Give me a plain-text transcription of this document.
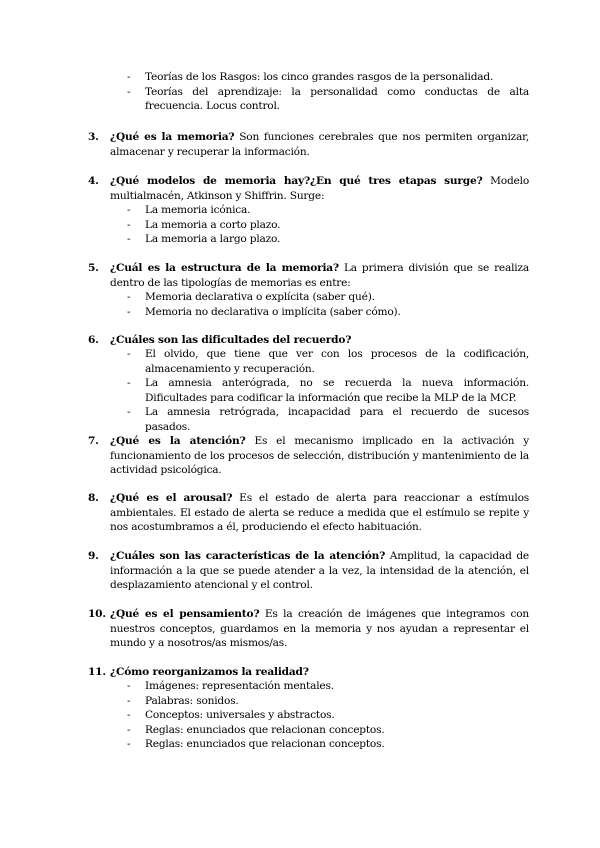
- Teorías de los Rasgos: los cinco grandes rasgos de la personalidad.
- Teorías del aprendizaje: la personalidad como conductas de alta frecuencia. Locus control.
3.	¿Qué es la memoria? Son funciones cerebrales que nos permiten organizar, almacenar y recuperar la información.

4.	¿Qué modelos de memoria hay?¿En qué tres etapas surge? Modelo multialmacén, Atkinson y Shiffrin. Surge:

- La memoria icónica.
- La memoria a corto plazo.
- La memoria a largo plazo.
5.	¿Cuál es la estructura de la memoria? La primera división que se realiza dentro de las tipologías de memorias es entre:

- Memoria declarativa o explícita (saber qué).
- Memoria no declarativa o implícita (saber cómo).
6.	¿Cuáles son las dificultades del recuerdo?

- El olvido, que tiene que ver con los procesos de la codificación, almacenamiento y recuperación.
- La amnesia anterógrada, no se recuerda la nueva información. Dificultades para codificar la información que recibe la MLP de la MCP.
- La amnesia retrógrada, incapacidad para el recuerdo de sucesos pasados.
7.	¿Qué es la atención? Es el mecanismo implicado en la activación y funcionamiento de los procesos de selección, distribución y mantenimiento de la actividad psicológica.

8.	¿Qué es el arousal? Es el estado de alerta para reaccionar a estímulos ambientales. El estado de alerta se reduce a medida que el estímulo se repite y nos acostumbramos a él, produciendo el efecto habituación.

9.	¿Cuáles son las características de la atención? Amplitud, la capacidad de información a la que se puede atender a la vez, la intensidad de la atención, el desplazamiento atencional y el control.

10. ¿Qué es el pensamiento? Es la creación de imágenes que integramos con nuestros conceptos, guardamos en la memoria y nos ayudan a representar el mundo y a nosotros/as mismos/as.

11. ¿Cómo reorganizamos la realidad?

- Imágenes: representación mentales.
- Palabras: sonidos.
- Conceptos: universales y abstractos.
- Reglas: enunciados que relacionan conceptos.
- Reglas: enunciados que relacionan conceptos.
